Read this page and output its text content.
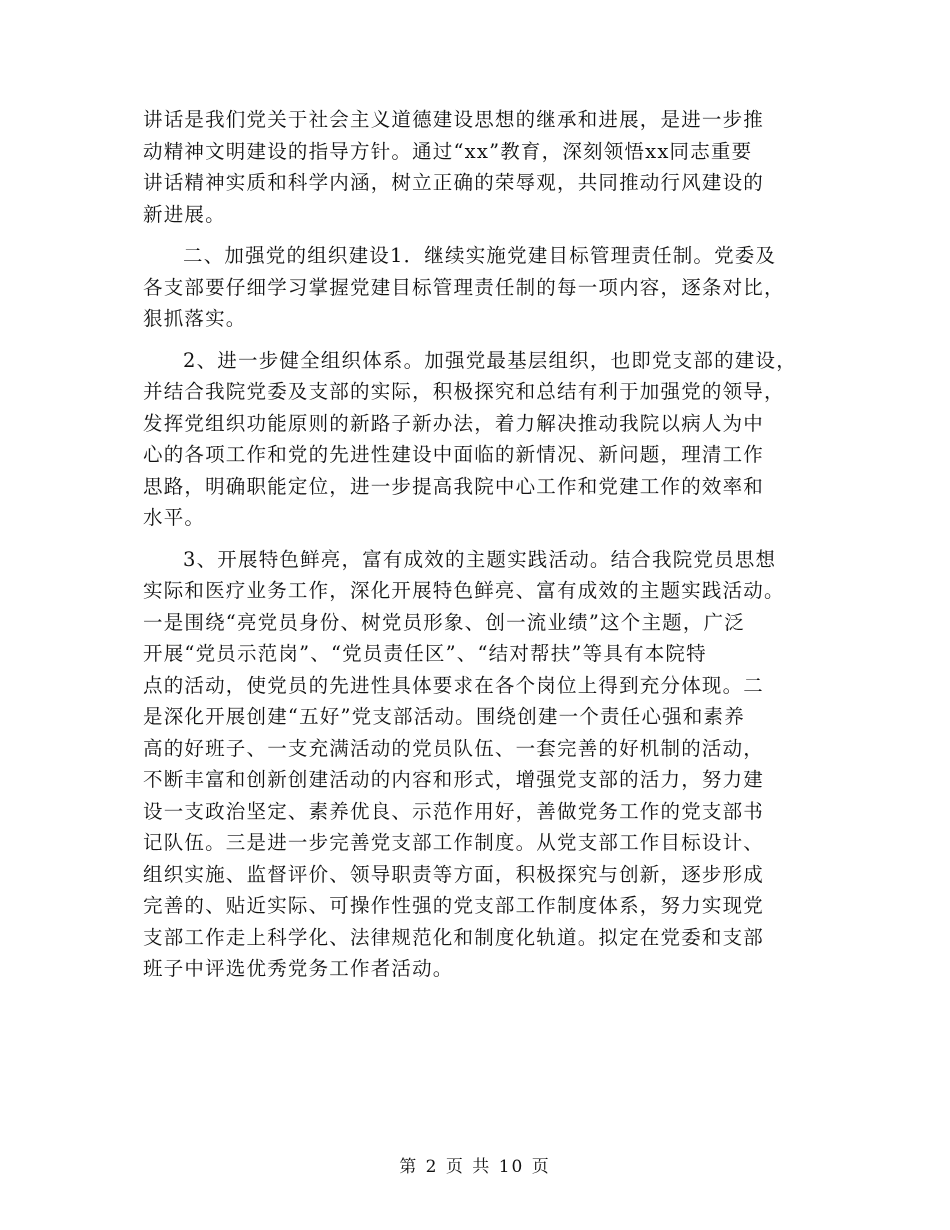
讲话是我们党关于社会主义道德建设思想的继承和进展，是进一步推
动精神文明建设的指导方针。通过“xx”教育，深刻领悟xx同志重要
讲话精神实质和科学内涵，树立正确的荣辱观，共同推动行风建设的
新进展。
二、加强党的组织建设1．继续实施党建目标管理责任制。党委及
各支部要仔细学习掌握党建目标管理责任制的每一项内容，逐条对比，
狠抓落实。
2、进一步健全组织体系。加强党最基层组织，也即党支部的建设，
并结合我院党委及支部的实际，积极探究和总结有利于加强党的领导，
发挥党组织功能原则的新路子新办法，着力解决推动我院以病人为中
心的各项工作和党的先进性建设中面临的新情况、新问题，理清工作
思路，明确职能定位，进一步提高我院中心工作和党建工作的效率和
水平。
3、开展特色鲜亮，富有成效的主题实践活动。结合我院党员思想
实际和医疗业务工作，深化开展特色鲜亮、富有成效的主题实践活动。
一是围绕“亮党员身份、树党员形象、创一流业绩”这个主题，广泛
开展“党员示范岗”、“党员责任区”、“结对帮扶”等具有本院特
点的活动，使党员的先进性具体要求在各个岗位上得到充分体现。二
是深化开展创建“五好”党支部活动。围绕创建一个责任心强和素养
高的好班子、一支充满活动的党员队伍、一套完善的好机制的活动，
不断丰富和创新创建活动的内容和形式，增强党支部的活力，努力建
设一支政治坚定、素养优良、示范作用好，善做党务工作的党支部书
记队伍。三是进一步完善党支部工作制度。从党支部工作目标设计、
组织实施、监督评价、领导职责等方面，积极探究与创新，逐步形成
完善的、贴近实际、可操作性强的党支部工作制度体系，努力实现党
支部工作走上科学化、法律规范化和制度化轨道。拟定在党委和支部
班子中评选优秀党务工作者活动。
第 2 页 共 10 页
